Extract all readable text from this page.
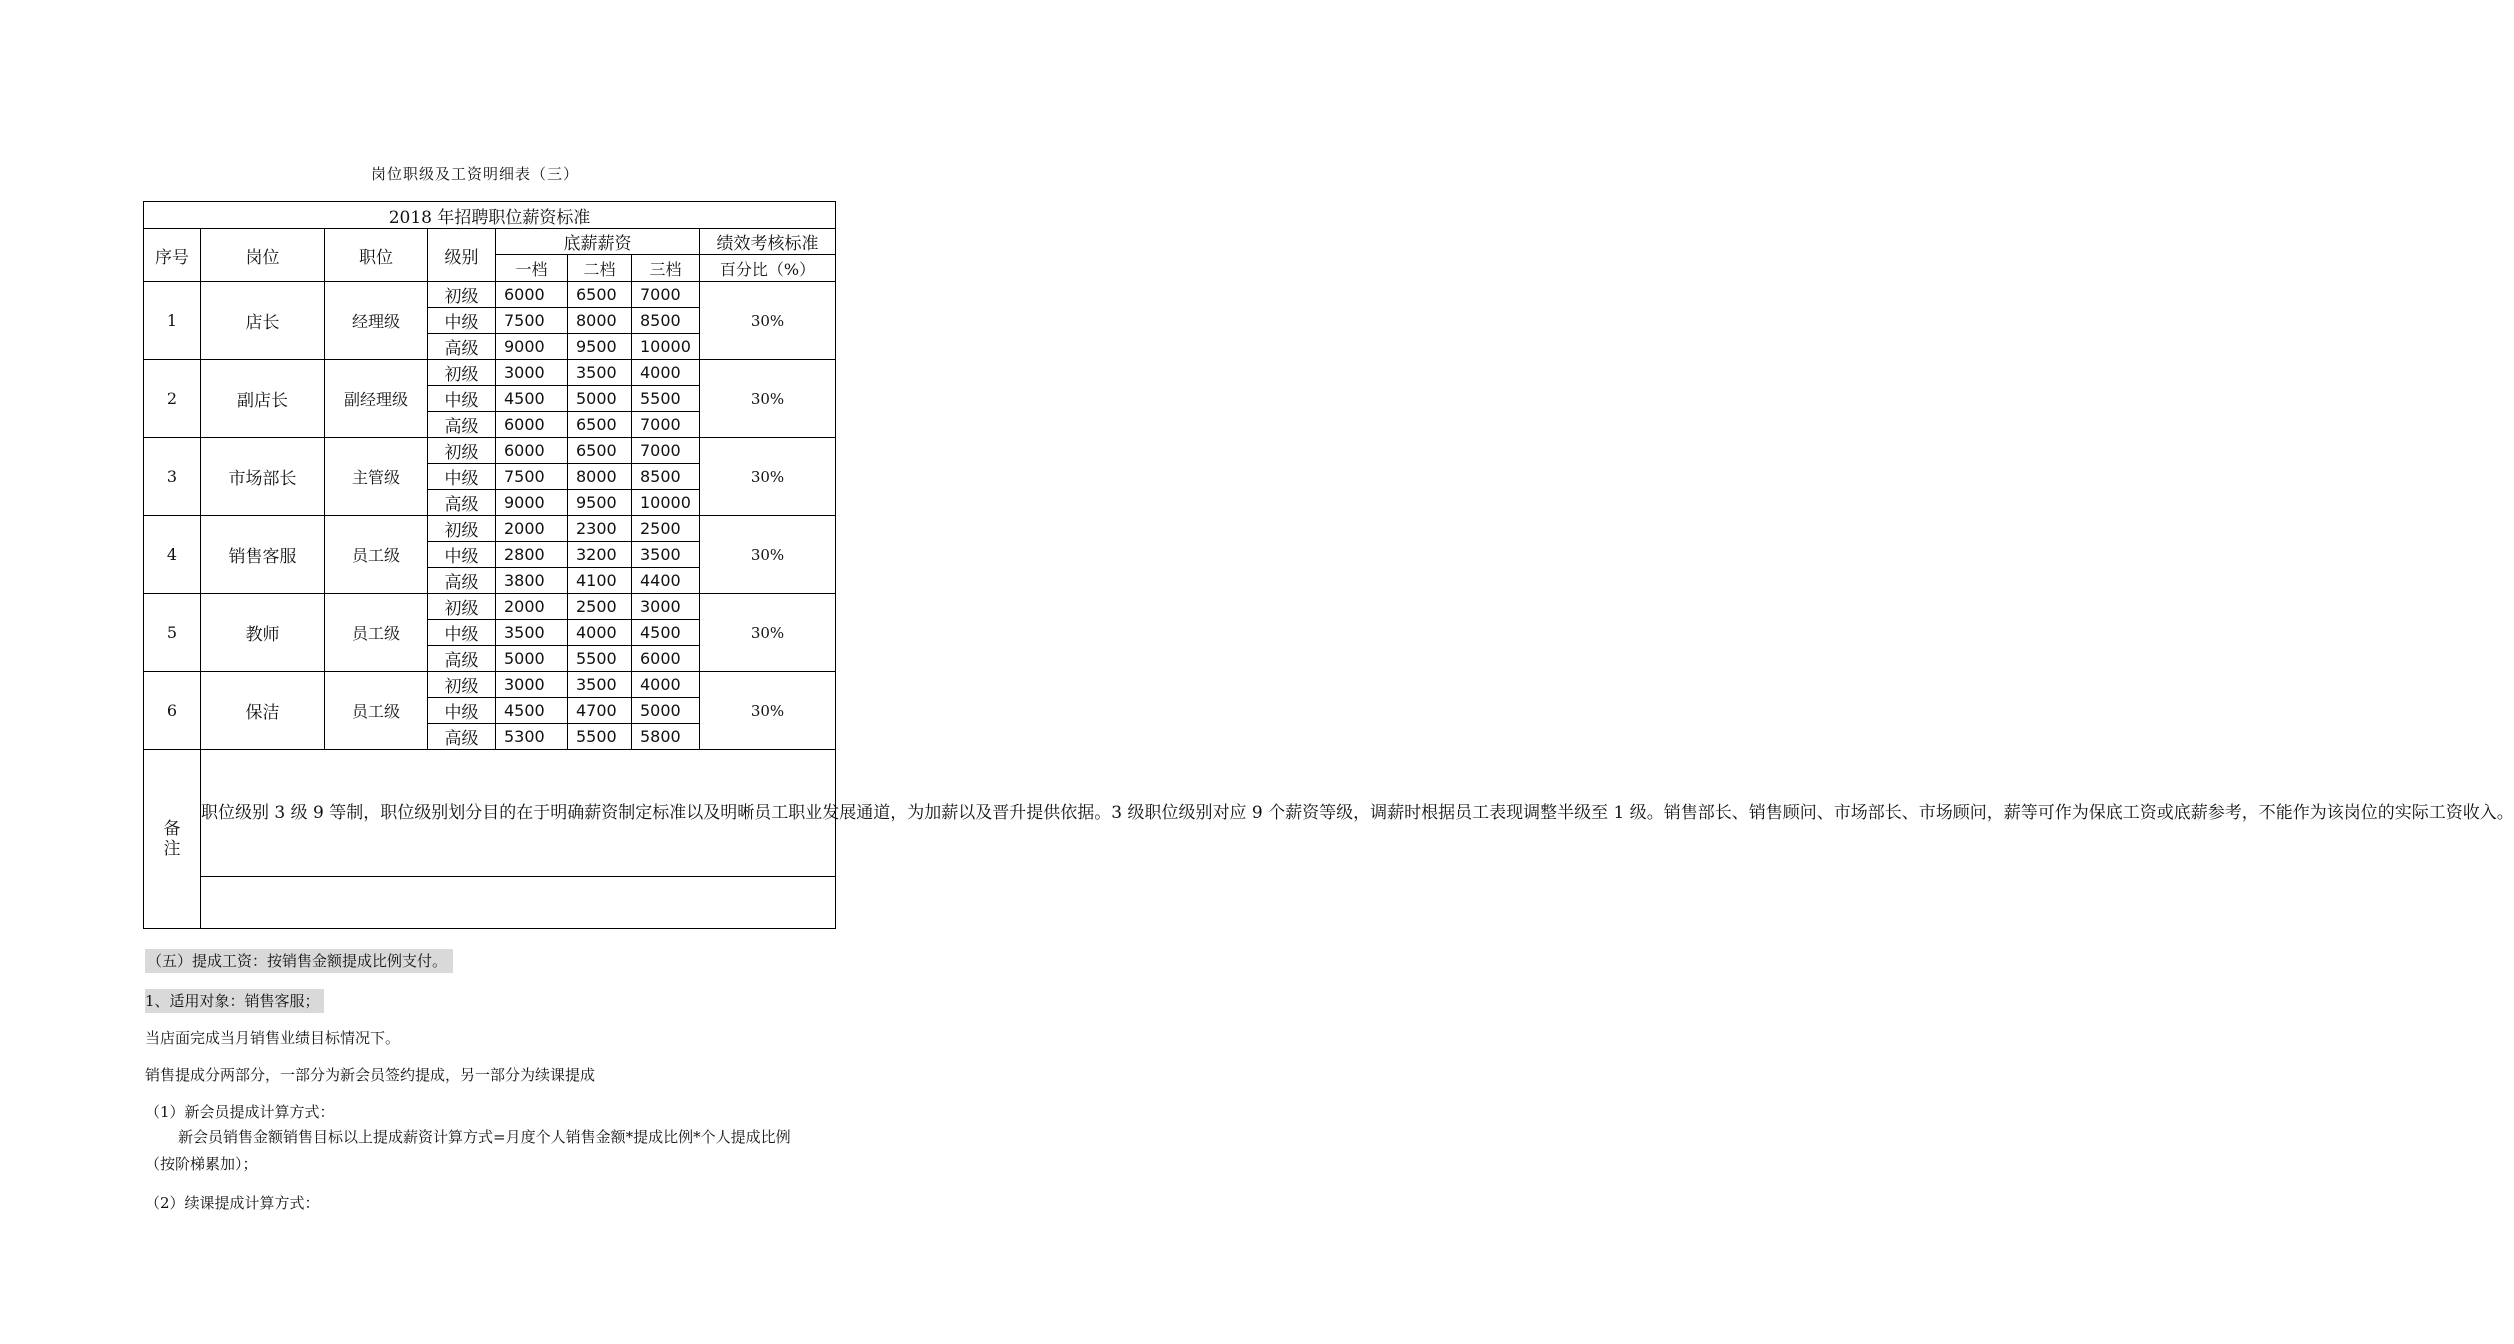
岗位职级及工资明细表（三）
2018 年招聘职位薪资标准							
序号	岗位	职位	级别	底薪薪资			绩效考核标准
				一档	二档	三档	百分比（%）
1	店长	经理级	初级	6000	6500	7000	30%
			中级	7500	8000	8500	
			高级	9000	9500	10000	
2	副店长	副经理级	初级	3000	3500	4000	30%
			中级	4500	5000	5500	
			高级	6000	6500	7000	
3	市场部长	主管级	初级	6000	6500	7000	30%
			中级	7500	8000	8500	
			高级	9000	9500	10000	
4	销售客服	员工级	初级	2000	2300	2500	30%
			中级	2800	3200	3500	
			高级	3800	4100	4400	
5	教师	员工级	初级	2000	2500	3000	30%
			中级	3500	4000	4500	
			高级	5000	5500	6000	
6	保洁	员工级	初级	3000	3500	4000	30%
			中级	4500	4700	5000	
			高级	5300	5500	5800	

备
注	职位级别 3 级 9 等制，职位级别划分目的在于明确薪资制定标准以及明晰员工职业发展通道，为加薪以及晋升提供依据。3 级职位级别对应 9 个薪资等级，调薪时根据员工表现调整半级至 1 级。销售部长、销售顾问、市场部长、市场顾问，薪等可作为保底工资或底薪参考，不能作为该岗位的实际工资收入。						

（五）提成工资：按销售金额提成比例支付。
1、适用对象：销售客服；
当店面完成当月销售业绩目标情况下。
销售提成分两部分，一部分为新会员签约提成，另一部分为续课提成
（1）新会员提成计算方式：
新会员销售金额销售目标以上提成薪资计算方式=月度个人销售金额*提成比例*个人提成比例（按阶梯累加）；
（2）续课提成计算方式：
